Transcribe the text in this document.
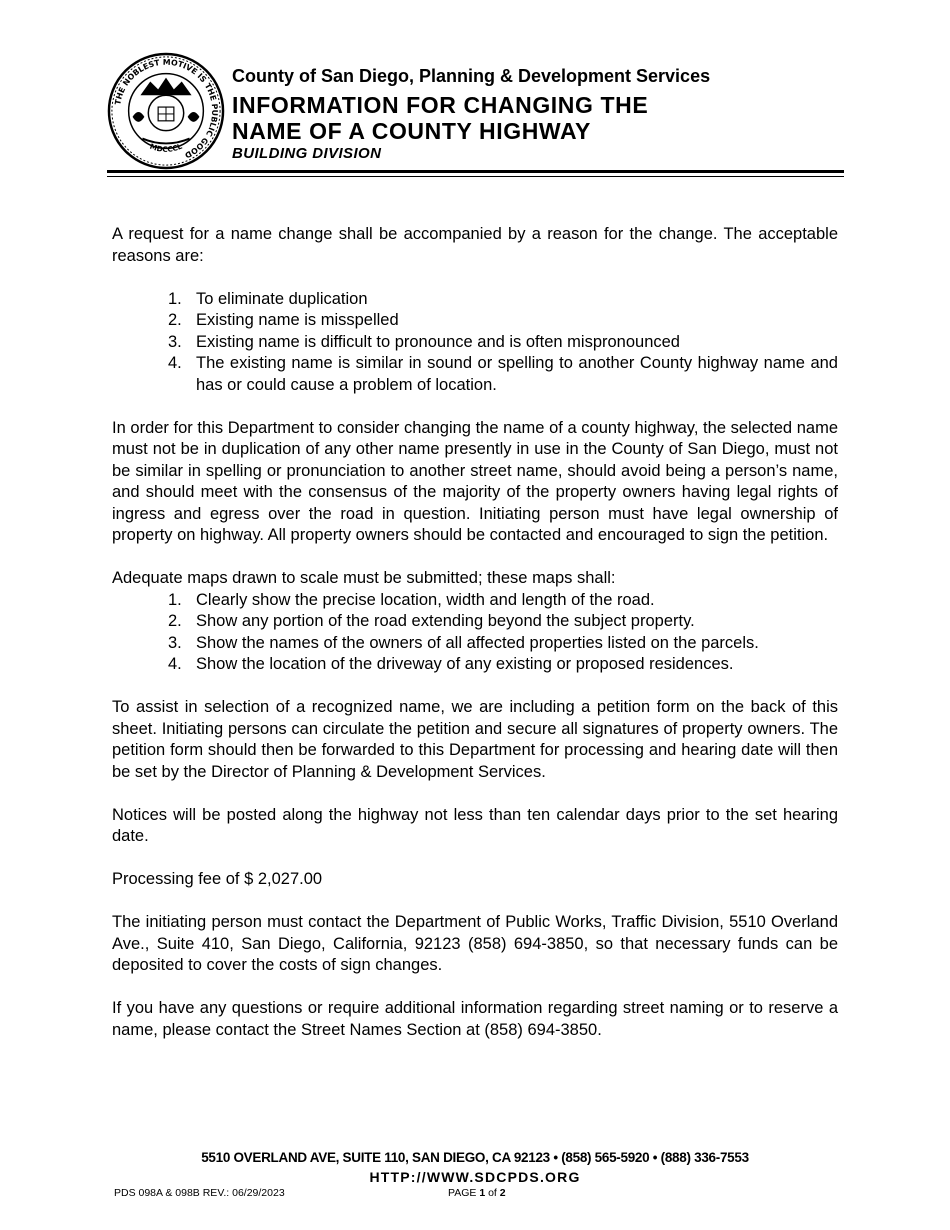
THE NOBLEST MOTIVE IS THE PUBLIC GOOD
MDCCCL
County of San Diego, Planning & Development Services
INFORMATION FOR CHANGING THE
NAME OF A COUNTY HIGHWAY
BUILDING DIVISION

A request for a name change shall be accompanied by a reason for the change. The acceptable reasons are:

1. To eliminate duplication
2. Existing name is misspelled
3. Existing name is difficult to pronounce and is often mispronounced
4. The existing name is similar in sound or spelling to another County highway name and has or could cause a problem of location.

In order for this Department to consider changing the name of a county highway, the selected name must not be in duplication of any other name presently in use in the County of San Diego, must not be similar in spelling or pronunciation to another street name, should avoid being a person’s name, and should meet with the consensus of the majority of the property owners having legal rights of ingress and egress over the road in question. Initiating person must have legal ownership of property on highway. All property owners should be contacted and encouraged to sign the petition.

Adequate maps drawn to scale must be submitted; these maps shall:

1. Clearly show the precise location, width and length of the road.
2. Show any portion of the road extending beyond the subject property.
3. Show the names of the owners of all affected properties listed on the parcels.
4. Show the location of the driveway of any existing or proposed residences.

To assist in selection of a recognized name, we are including a petition form on the back of this sheet. Initiating persons can circulate the petition and secure all signatures of property owners. The petition form should then be forwarded to this Department for processing and hearing date will then be set by the Director of Planning & Development Services.

Notices will be posted along the highway not less than ten calendar days prior to the set hearing date.

Processing fee of $ 2,027.00

The initiating person must contact the Department of Public Works, Traffic Division, 5510 Overland Ave., Suite 410, San Diego, California, 92123 (858) 694-3850, so that necessary funds can be deposited to cover the costs of sign changes.

If you have any questions or require additional information regarding street naming or to reserve a name, please contact the Street Names Section at (858) 694-3850.

5510 OVERLAND AVE, SUITE 110, SAN DIEGO, CA 92123 • (858) 565-5920 • (888) 336-7553
HTTP://WWW.SDCPDS.ORG
PDS 098A & 098B REV.: 06/29/2023	PAGE 1 of 2
